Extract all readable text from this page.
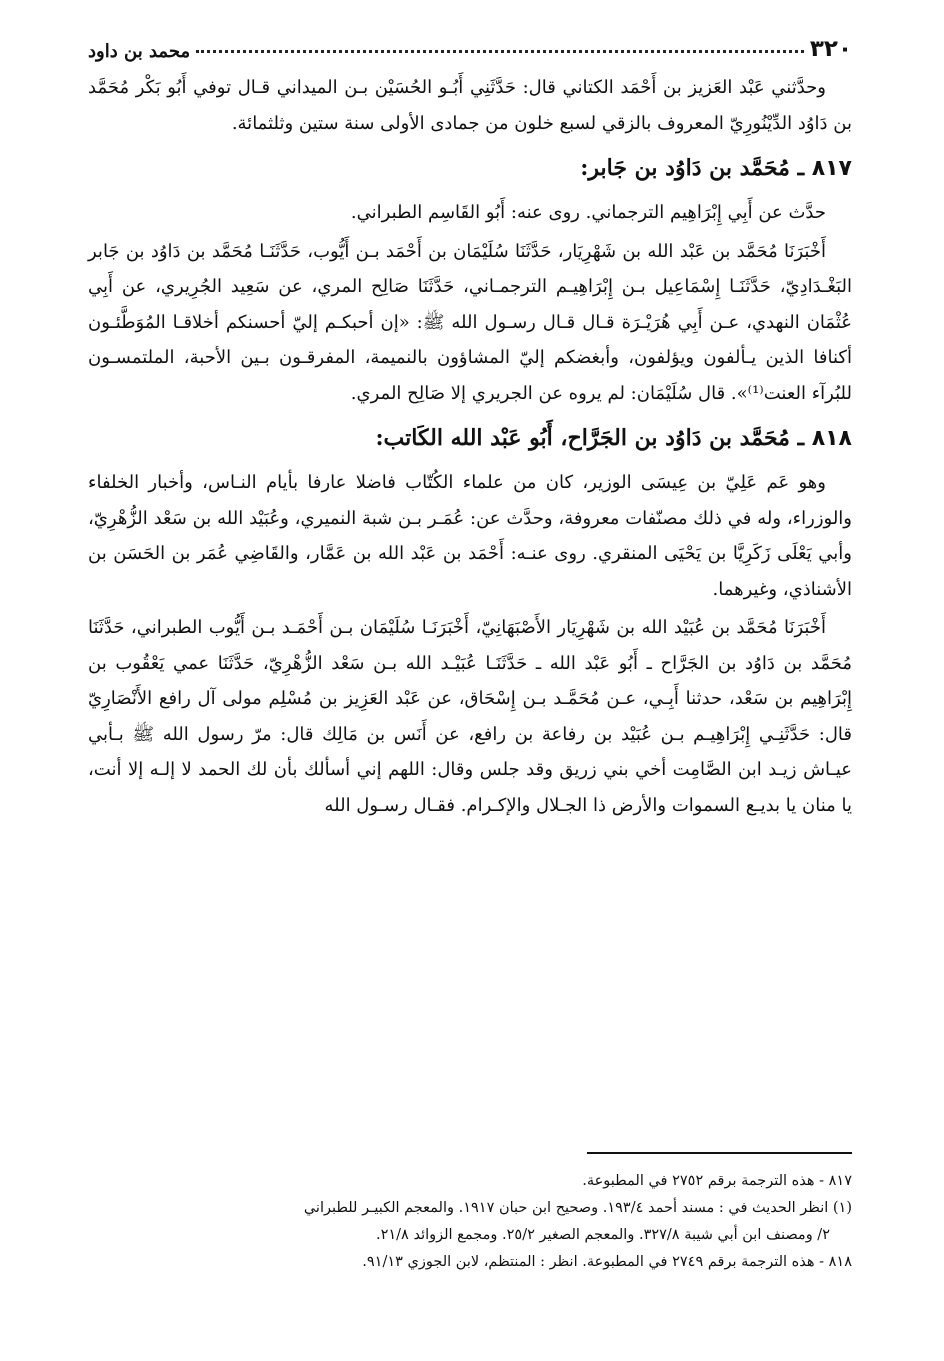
٣٢٠
محمد بن داود

وحدَّثني عَبْد العَزيز بن أَحْمَد الكتاني قال: حَدَّثَنِي أَبُـو الحُسَيْن بـن الميداني قـال توفي أَبُو بَكْر مُحَمَّد بن دَاوُد الدِّيْنُورِيّ المعروف بالزقي لسبع خلون من جمادى الأولى سنة ستين وثلثمائة.

٨١٧ ـ مُحَمَّد بن دَاوُد بن جَابر:

حدَّث عن أَبِي إِبْرَاهِيم الترجماني. روى عنه: أَبُو القَاسِم الطبراني.

أَخْبَرَنَا مُحَمَّد بن عَبْد الله بن شَهْرِيَار، حَدَّثَنَا سُلَيْمَان بن أَحْمَد بـن أَيُّوب، حَدَّثَنَـا مُحَمَّد بن دَاوُد بن جَابر البَغْـدَادِيّ، حَدَّثَنَـا إِسْمَاعِيل بـن إِبْرَاهِيـم الترجمـاني، حَدَّثَنَا صَالِح المري، عن سَعِيد الجُرِيري، عن أَبِي عُثْمَان النهدي، عـن أَبِي هُرَيْـرَة قـال قـال رسـول الله ﷺ: «إن أحبكـم إليّ أحسنكم أخلاقـا المُوَطَّئـون أكنافا الذين يـألفون ويؤلفون، وأبغضكم إليّ المشاؤون بالنميمة، المفرقـون بـين الأحبة، الملتمسـون للبُرآء العنت⁽¹⁾». قال سُلَيْمَان: لم يروه عن الجريري إلا صَالِح المري.

٨١٨ ـ مُحَمَّد بن دَاوُد بن الجَرَّاح، أَبُو عَبْد الله الكَاتب:

وهو عَم عَلِيّ بن عِيسَى الوزير، كان من علماء الكُتّاب فاضلا عارفا بأيام النـاس، وأخبار الخلفاء والوزراء، وله في ذلك مصنّفات معروفة، وحدَّث عن: عُمَـر بـن شبة النميري، وعُبَيْد الله بن سَعْد الزُّهْرِيّ، وأبي يَعْلَى زَكَرِيَّا بن يَحْيَى المنقري. روى عنـه: أَحْمَد بن عَبْد الله بن عَمَّار، والقَاضِي عُمَر بن الحَسَن بن الأشناذي، وغيرهما.

أَخْبَرَنَا مُحَمَّد بن عُبَيْد الله بن شَهْرِيَار الأَصْبَهَانِيّ، أَخْبَرَنَـا سُلَيْمَان بـن أَحْمَـد بـن أَيُّوب الطبراني، حَدَّثَنَا مُحَمَّد بن دَاوُد بن الجَرَّاح ـ أَبُو عَبْد الله ـ حَدَّثَنَـا عُبَيْـد الله بـن سَعْد الزُّهْرِيّ، حَدَّثَنَا عمي يَعْقُوب بن إِبْرَاهِيم بن سَعْد، حدثنا أَبِـي، عـن مُحَمَّـد بـن إِسْحَاق، عن عَبْد العَزِيز بن مُسْلِم مولى آل رافع الأَنْصَارِيّ قال: حَدَّثَنِـي إِبْرَاهِيـم بـن عُبَيْد بن رفاعة بن رافع، عن أَنَس بن مَالِك قال: مرّ رسول الله ﷺ بـأبي عيـاش زيـد ابن الصَّامِت أخي بني زريق وقد جلس وقال: اللهم إني أسألك بأن لك الحمد لا إلـه إلا أنت، يا منان يا بديـع السموات والأرض ذا الجـلال والإكـرام. فقـال رسـول الله

٨١٧ ‐ هذه الترجمة برقم ٢٧٥٢ في المطبوعة.

(١) انظر الحديث في : مسند أحمد ١٩٣/٤. وصحيح ابن حبان ١٩١٧. والمعجم الكبيـر للطبراني

٢/ ومصنف ابن أبي شيبة ٣٢٧/٨. والمعجم الصغير ٢٥/٢. ومجمع الزوائد ٢١/٨.

٨١٨ ‐ هذه الترجمة برقم ٢٧٤٩ في المطبوعة. انظر : المنتظم، لابن الجوزي ٩١/١٣.
